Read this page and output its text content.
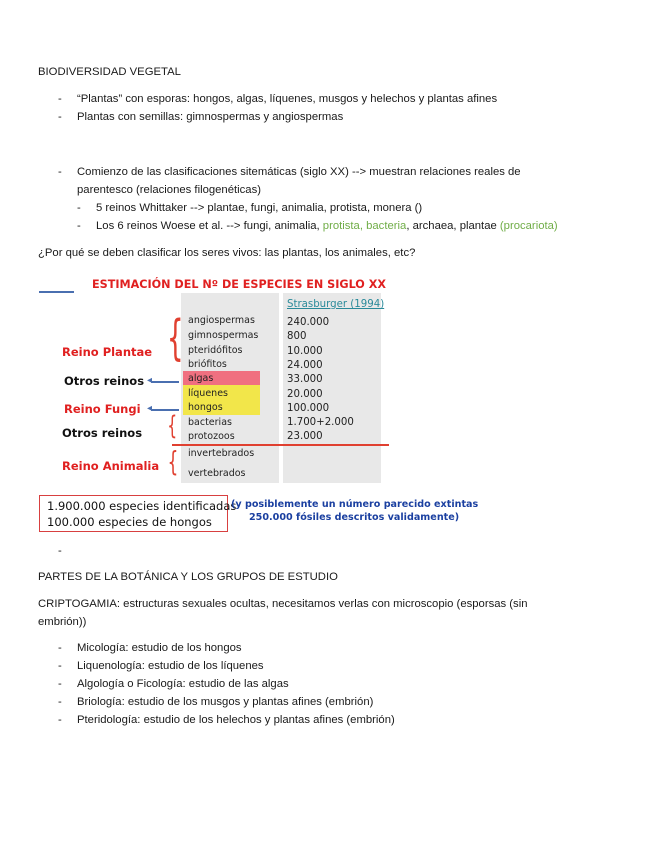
BIODIVERSIDAD VEGETAL
- “Plantas” con esporas: hongos, algas, líquenes, musgos y helechos y plantas afines
- Plantas con semillas: gimnospermas y angiospermas
- Comienzo de las clasificaciones sitemáticas (siglo XX) --> muestran relaciones reales de
parentesco (relaciones filogenéticas)
- 5 reinos Whittaker --> plantae, fungi, animalia, protista, monera ()
- Los 6 reinos Woese et al. --> fungi, animalia, protista, bacteria, archaea, plantae (procariota)
¿Por qué se deben clasificar los seres vivos: las plantas, los animales, etc?
ESTIMACIÓN DEL Nº DE ESPECIES EN SIGLO XX
Strasburger (1994)
angiospermas
gimnospermas
pteridófitos
briófitos
algas
líquenes
hongos
bacterias
protozoos
invertebrados
vertebrados
240.000
800
10.000
24.000
33.000
20.000
100.000
1.700+2.000
23.000
{
{
{
Reino Plantae
Otros reinos ◂
Reino Fungi ◂
Otros reinos
Reino Animalia
1.900.000 especies identificadas
100.000 especies de hongos
(y posiblemente un número parecido extintas
250.000 fósiles descritos validamente)
-
PARTES DE LA BOTÁNICA Y LOS GRUPOS DE ESTUDIO
CRIPTOGAMIA: estructuras sexuales ocultas, necesitamos verlas con microscopio (esporsas (sin
embrión))
- Micología: estudio de los hongos
- Liquenología: estudio de los líquenes
- Algología o Ficología: estudio de las algas
- Briología: estudio de los musgos y plantas afines (embrión)
- Pteridología: estudio de los helechos y plantas afines (embrión)
